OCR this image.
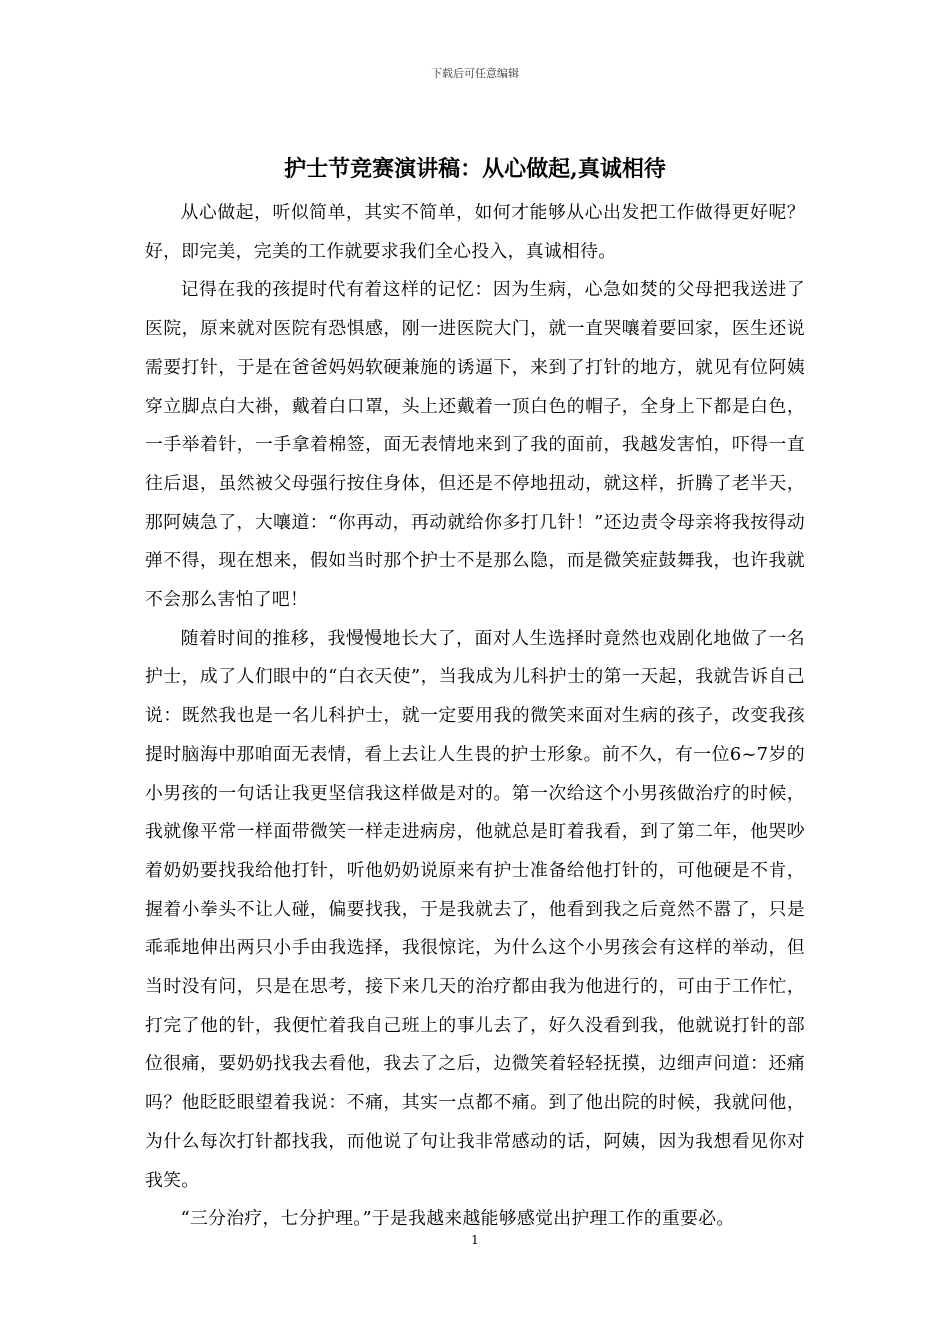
下载后可任意编辑
护士节竞赛演讲稿：从心做起,真诚相待

从心做起，听似简单，其实不简单，如何才能够从心出发把工作做得更好呢？好，即完美，完美的工作就要求我们全心投入，真诚相待。

记得在我的孩提时代有着这样的记忆：因为生病，心急如焚的父母把我送进了医院，原来就对医院有恐惧感，刚一进医院大门，就一直哭嚷着要回家，医生还说需要打针，于是在爸爸妈妈软硬兼施的诱逼下，来到了打针的地方，就见有位阿姨穿立脚点白大褂，戴着白口罩，头上还戴着一顶白色的帽子，全身上下都是白色，一手举着针，一手拿着棉签，面无表情地来到了我的面前，我越发害怕，吓得一直往后退，虽然被父母强行按住身体，但还是不停地扭动，就这样，折腾了老半天，那阿姨急了，大嚷道：“你再动，再动就给你多打几针！”还边责令母亲将我按得动弹不得，现在想来，假如当时那个护士不是那么隐，而是微笑症鼓舞我，也许我就不会那么害怕了吧！

随着时间的推移，我慢慢地长大了，面对人生选择时竟然也戏剧化地做了一名护士，成了人们眼中的“白衣天使”，当我成为儿科护士的第一天起，我就告诉自己说：既然我也是一名儿科护士，就一定要用我的微笑来面对生病的孩子，改变我孩提时脑海中那咱面无表情，看上去让人生畏的护士形象。前不久，有一位6~7岁的小男孩的一句话让我更坚信我这样做是对的。第一次给这个小男孩做治疗的时候，我就像平常一样面带微笑一样走进病房，他就总是盯着我看，到了第二年，他哭吵着奶奶要找我给他打针，听他奶奶说原来有护士准备给他打针的，可他硬是不肯，握着小拳头不让人碰，偏要找我，于是我就去了，他看到我之后竟然不嚣了，只是乖乖地伸出两只小手由我选择，我很惊诧，为什么这个小男孩会有这样的举动，但当时没有问，只是在思考，接下来几天的治疗都由我为他进行的，可由于工作忙，打完了他的针，我便忙着我自己班上的事儿去了，好久没看到我，他就说打针的部位很痛，要奶奶找我去看他，我去了之后，边微笑着轻轻抚摸，边细声问道：还痛吗？他眨眨眼望着我说：不痛，其实一点都不痛。到了他出院的时候，我就问他，为什么每次打针都找我，而他说了句让我非常感动的话，阿姨，因为我想看见你对我笑。

“三分治疗，七分护理。”于是我越来越能够感觉出护理工作的重要必。

1
